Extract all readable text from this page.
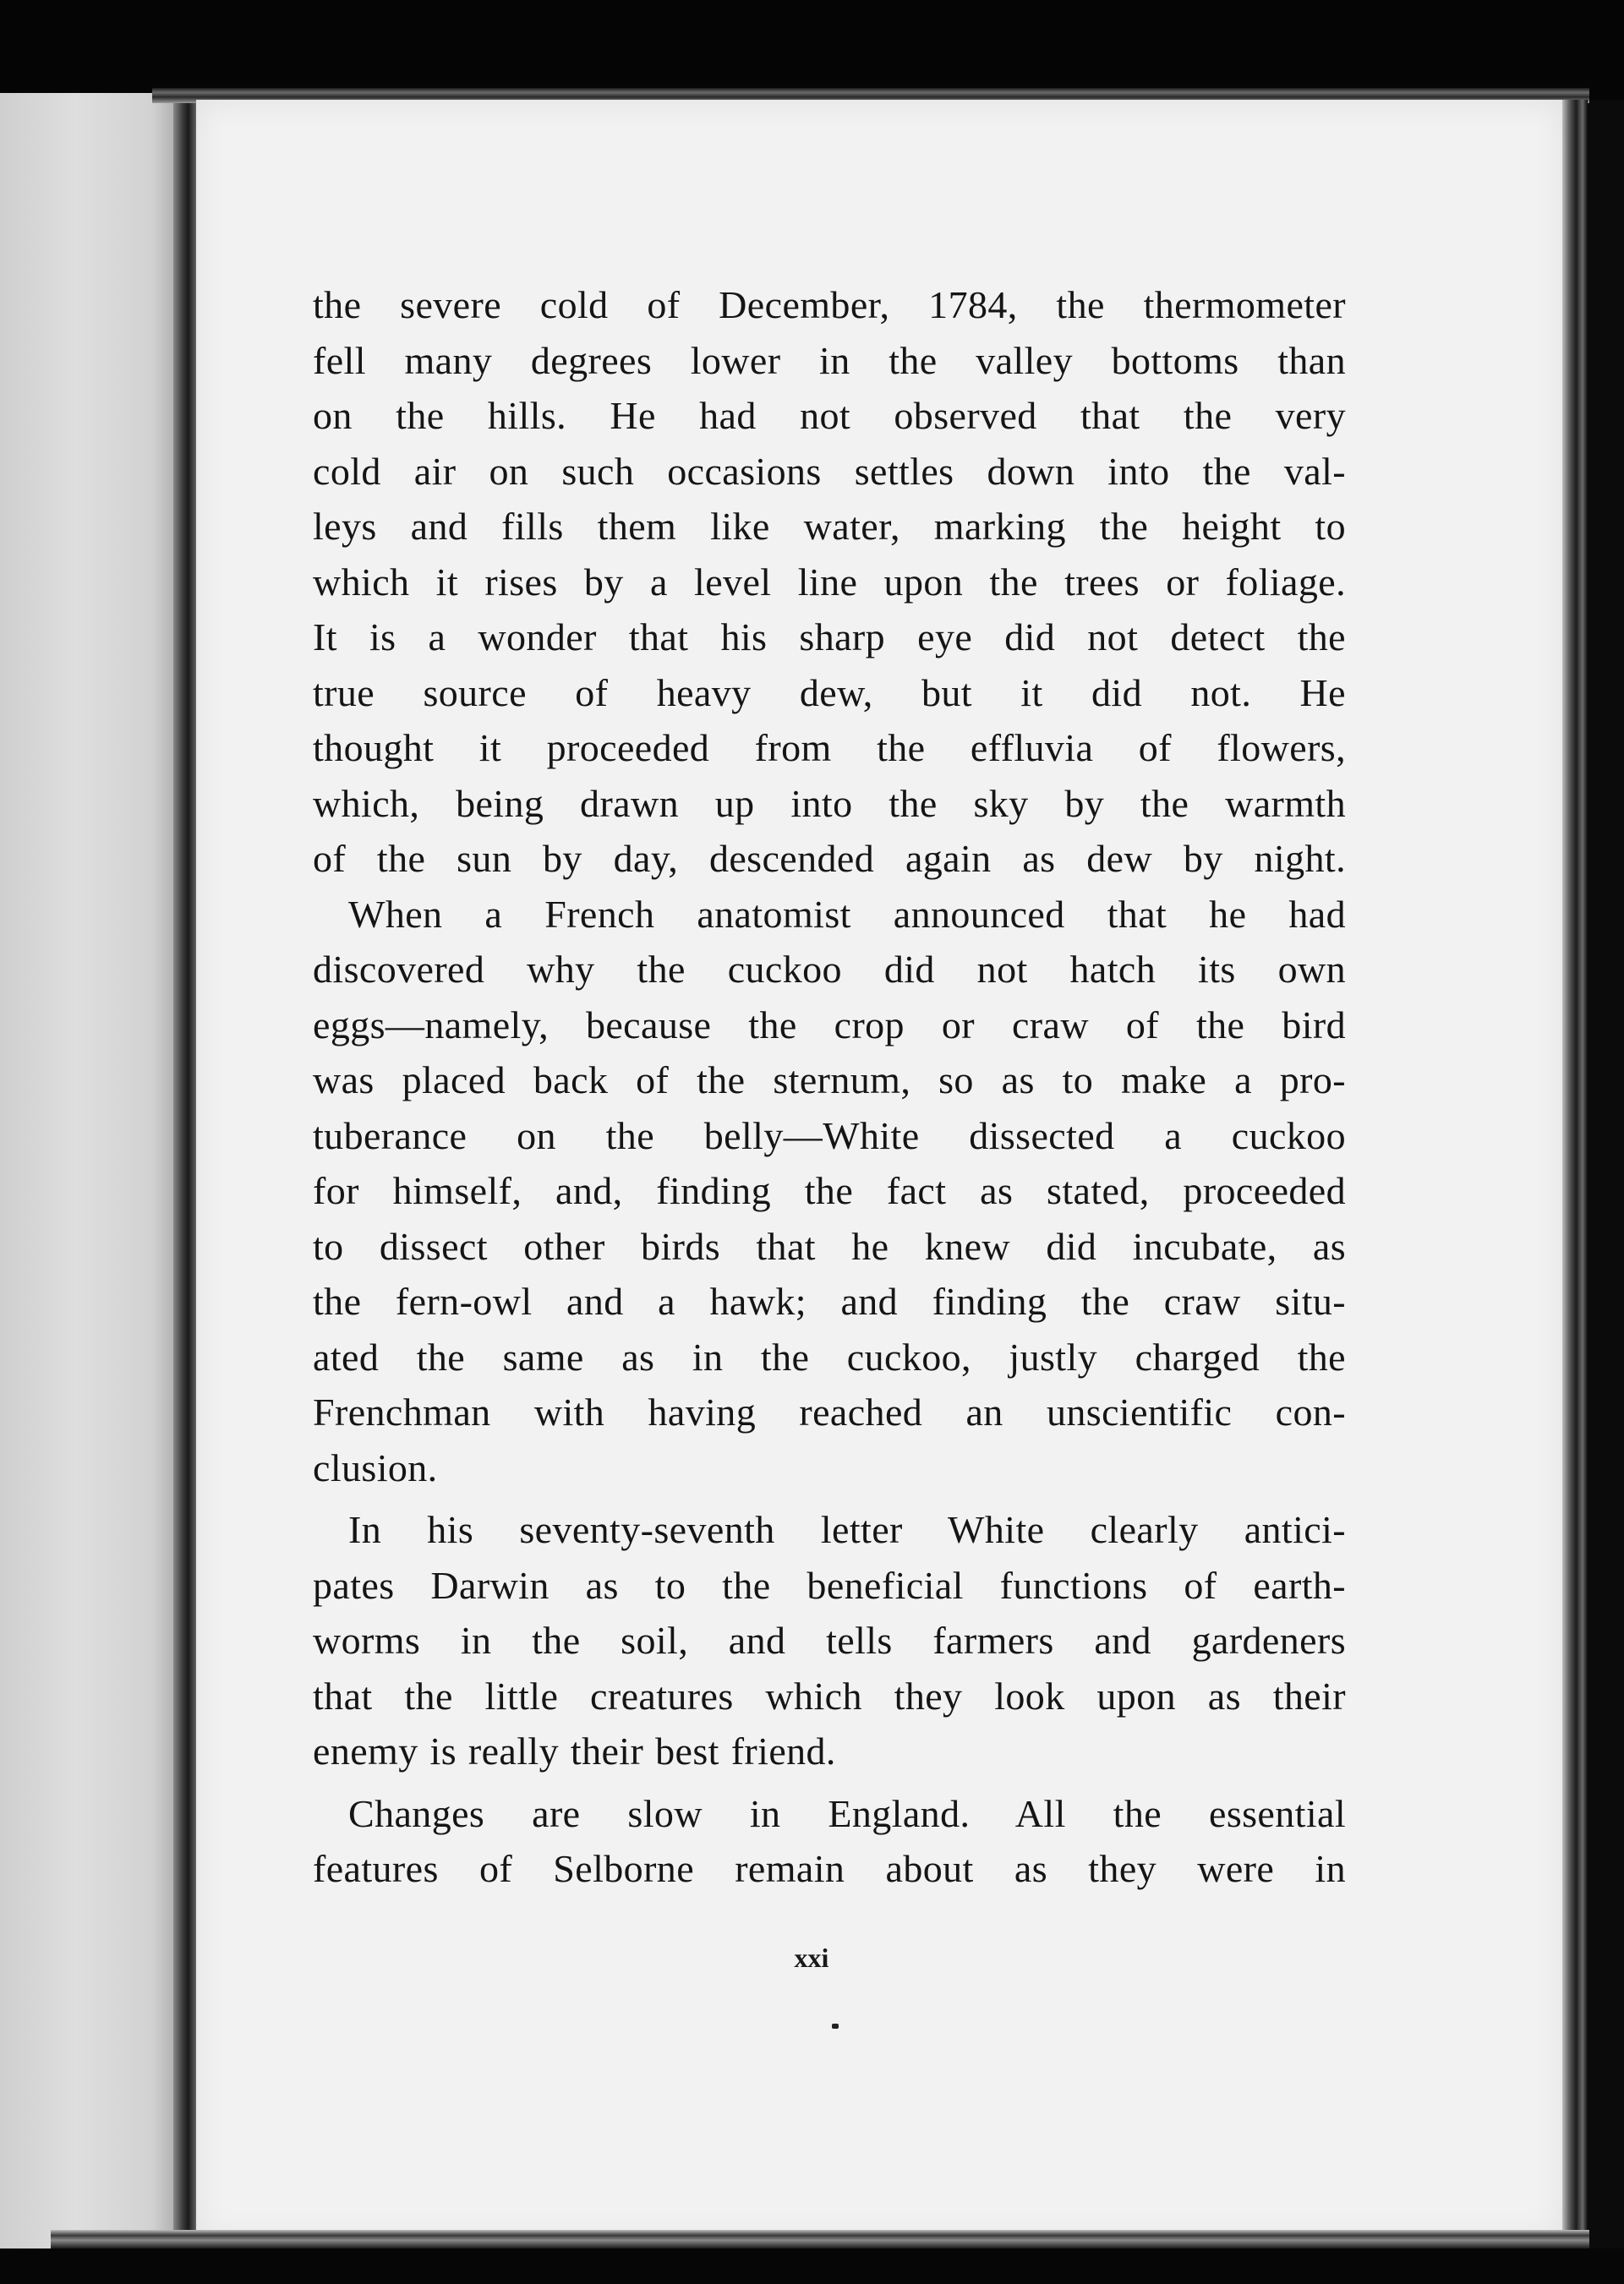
the severe cold of December, 1784, the thermometer
fell many degrees lower in the valley bottoms than
on the hills. He had not observed that the very
cold air on such occasions settles down into the val-
leys and fills them like water, marking the height to
which it rises by a level line upon the trees or foliage.
It is a wonder that his sharp eye did not detect the
true source of heavy dew, but it did not. He
thought it proceeded from the effluvia of flowers,
which, being drawn up into the sky by the warmth
of the sun by day, descended again as dew by night.
When a French anatomist announced that he had
discovered why the cuckoo did not hatch its own
eggs—namely, because the crop or craw of the bird
was placed back of the sternum, so as to make a pro-
tuberance on the belly—White dissected a cuckoo
for himself, and, finding the fact as stated, proceeded
to dissect other birds that he knew did incubate, as
the fern-owl and a hawk; and finding the craw situ-
ated the same as in the cuckoo, justly charged the
Frenchman with having reached an unscientific con-
clusion.
In his seventy-seventh letter White clearly antici-
pates Darwin as to the beneficial functions of earth-
worms in the soil, and tells farmers and gardeners
that the little creatures which they look upon as their
enemy is really their best friend.
Changes are slow in England. All the essential
features of Selborne remain about as they were in
xxi
